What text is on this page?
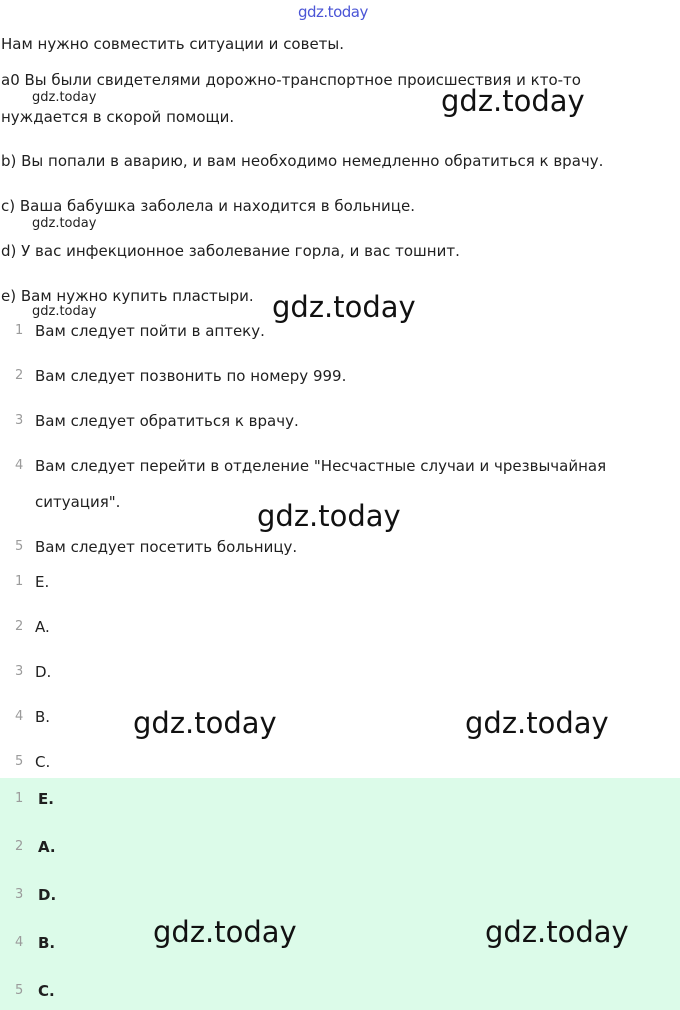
gdz.today
Нам нужно совместить ситуации и советы.
а0 Вы были свидетелями дорожно-транспортное происшествия и кто-то
нуждается в скорой помощи.
b) Вы попали в аварию, и вам необходимо немедленно обратиться к врачу.
c) Ваша бабушка заболела и находится в больнице.
d) У вас инфекционное заболевание горла, и вас тошнит.
e) Вам нужно купить пластыри.
1 Вам следует пойти в аптеку.
2 Вам следует позвонить по номеру 999.
3 Вам следует обратиться к врачу.
4 Вам следует перейти в отделение "Несчастные случаи и чрезвычайная
ситуация".
5 Вам следует посетить больницу.
1 E.
2 A.
3 D.
4 B.
5 C.
1 E.
2 A.
3 D.
4 B.
5 C.
gdz.today	gdz.today
gdz.today
gdz.today	gdz.today
gdz.today
gdz.today	gdz.today
gdz.today	gdz.today
